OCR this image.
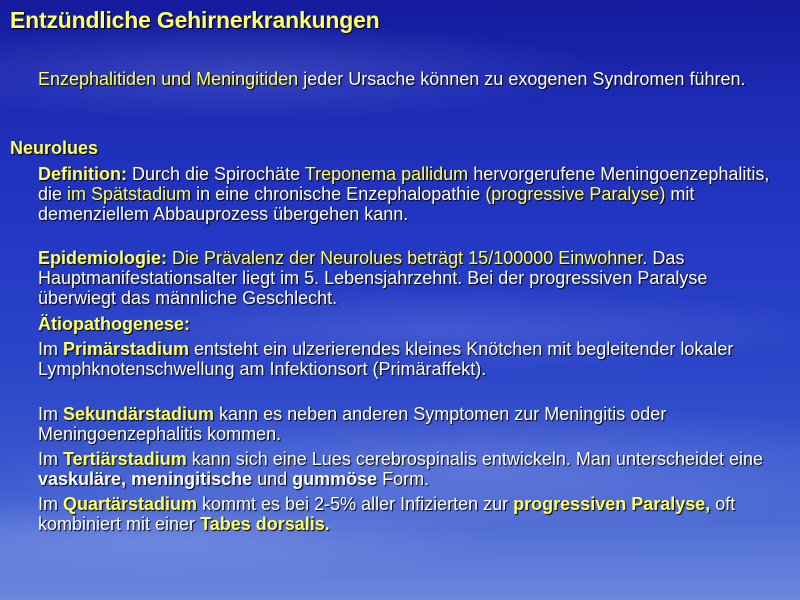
Entzündliche Gehirnerkrankungen
Enzephalitiden und Meningitiden jeder Ursache können zu exogenen Syndromen führen.
Neurolues
Definition: Durch die Spirochäte Treponema pallidum hervorgerufene Meningoenzephalitis, die im Spätstadium in eine chronische Enzephalopathie (progressive Paralyse) mit demenziellem Abbauprozess übergehen kann.
Epidemiologie: Die Prävalenz der Neurolues beträgt 15/100000 Einwohner. Das Hauptmanifestationsalter liegt im 5. Lebensjahrzehnt. Bei der progressiven Paralyse überwiegt das männliche Geschlecht.
Ätiopathogenese:
Im Primärstadium entsteht ein ulzerierendes kleines Knötchen mit begleitender lokaler Lymphknotenschwellung am Infektionsort (Primäraffekt).
Im Sekundärstadium kann es neben anderen Symptomen zur Meningitis oder Meningoenzephalitis kommen.
Im Tertiärstadium kann sich eine Lues cerebrospinalis entwickeln. Man unterscheidet eine vaskuläre, meningitische und gummöse Form.
Im Quartärstadium kommt es bei 2-5% aller Infizierten zur progressiven Paralyse, oft kombiniert mit einer Tabes dorsalis.
